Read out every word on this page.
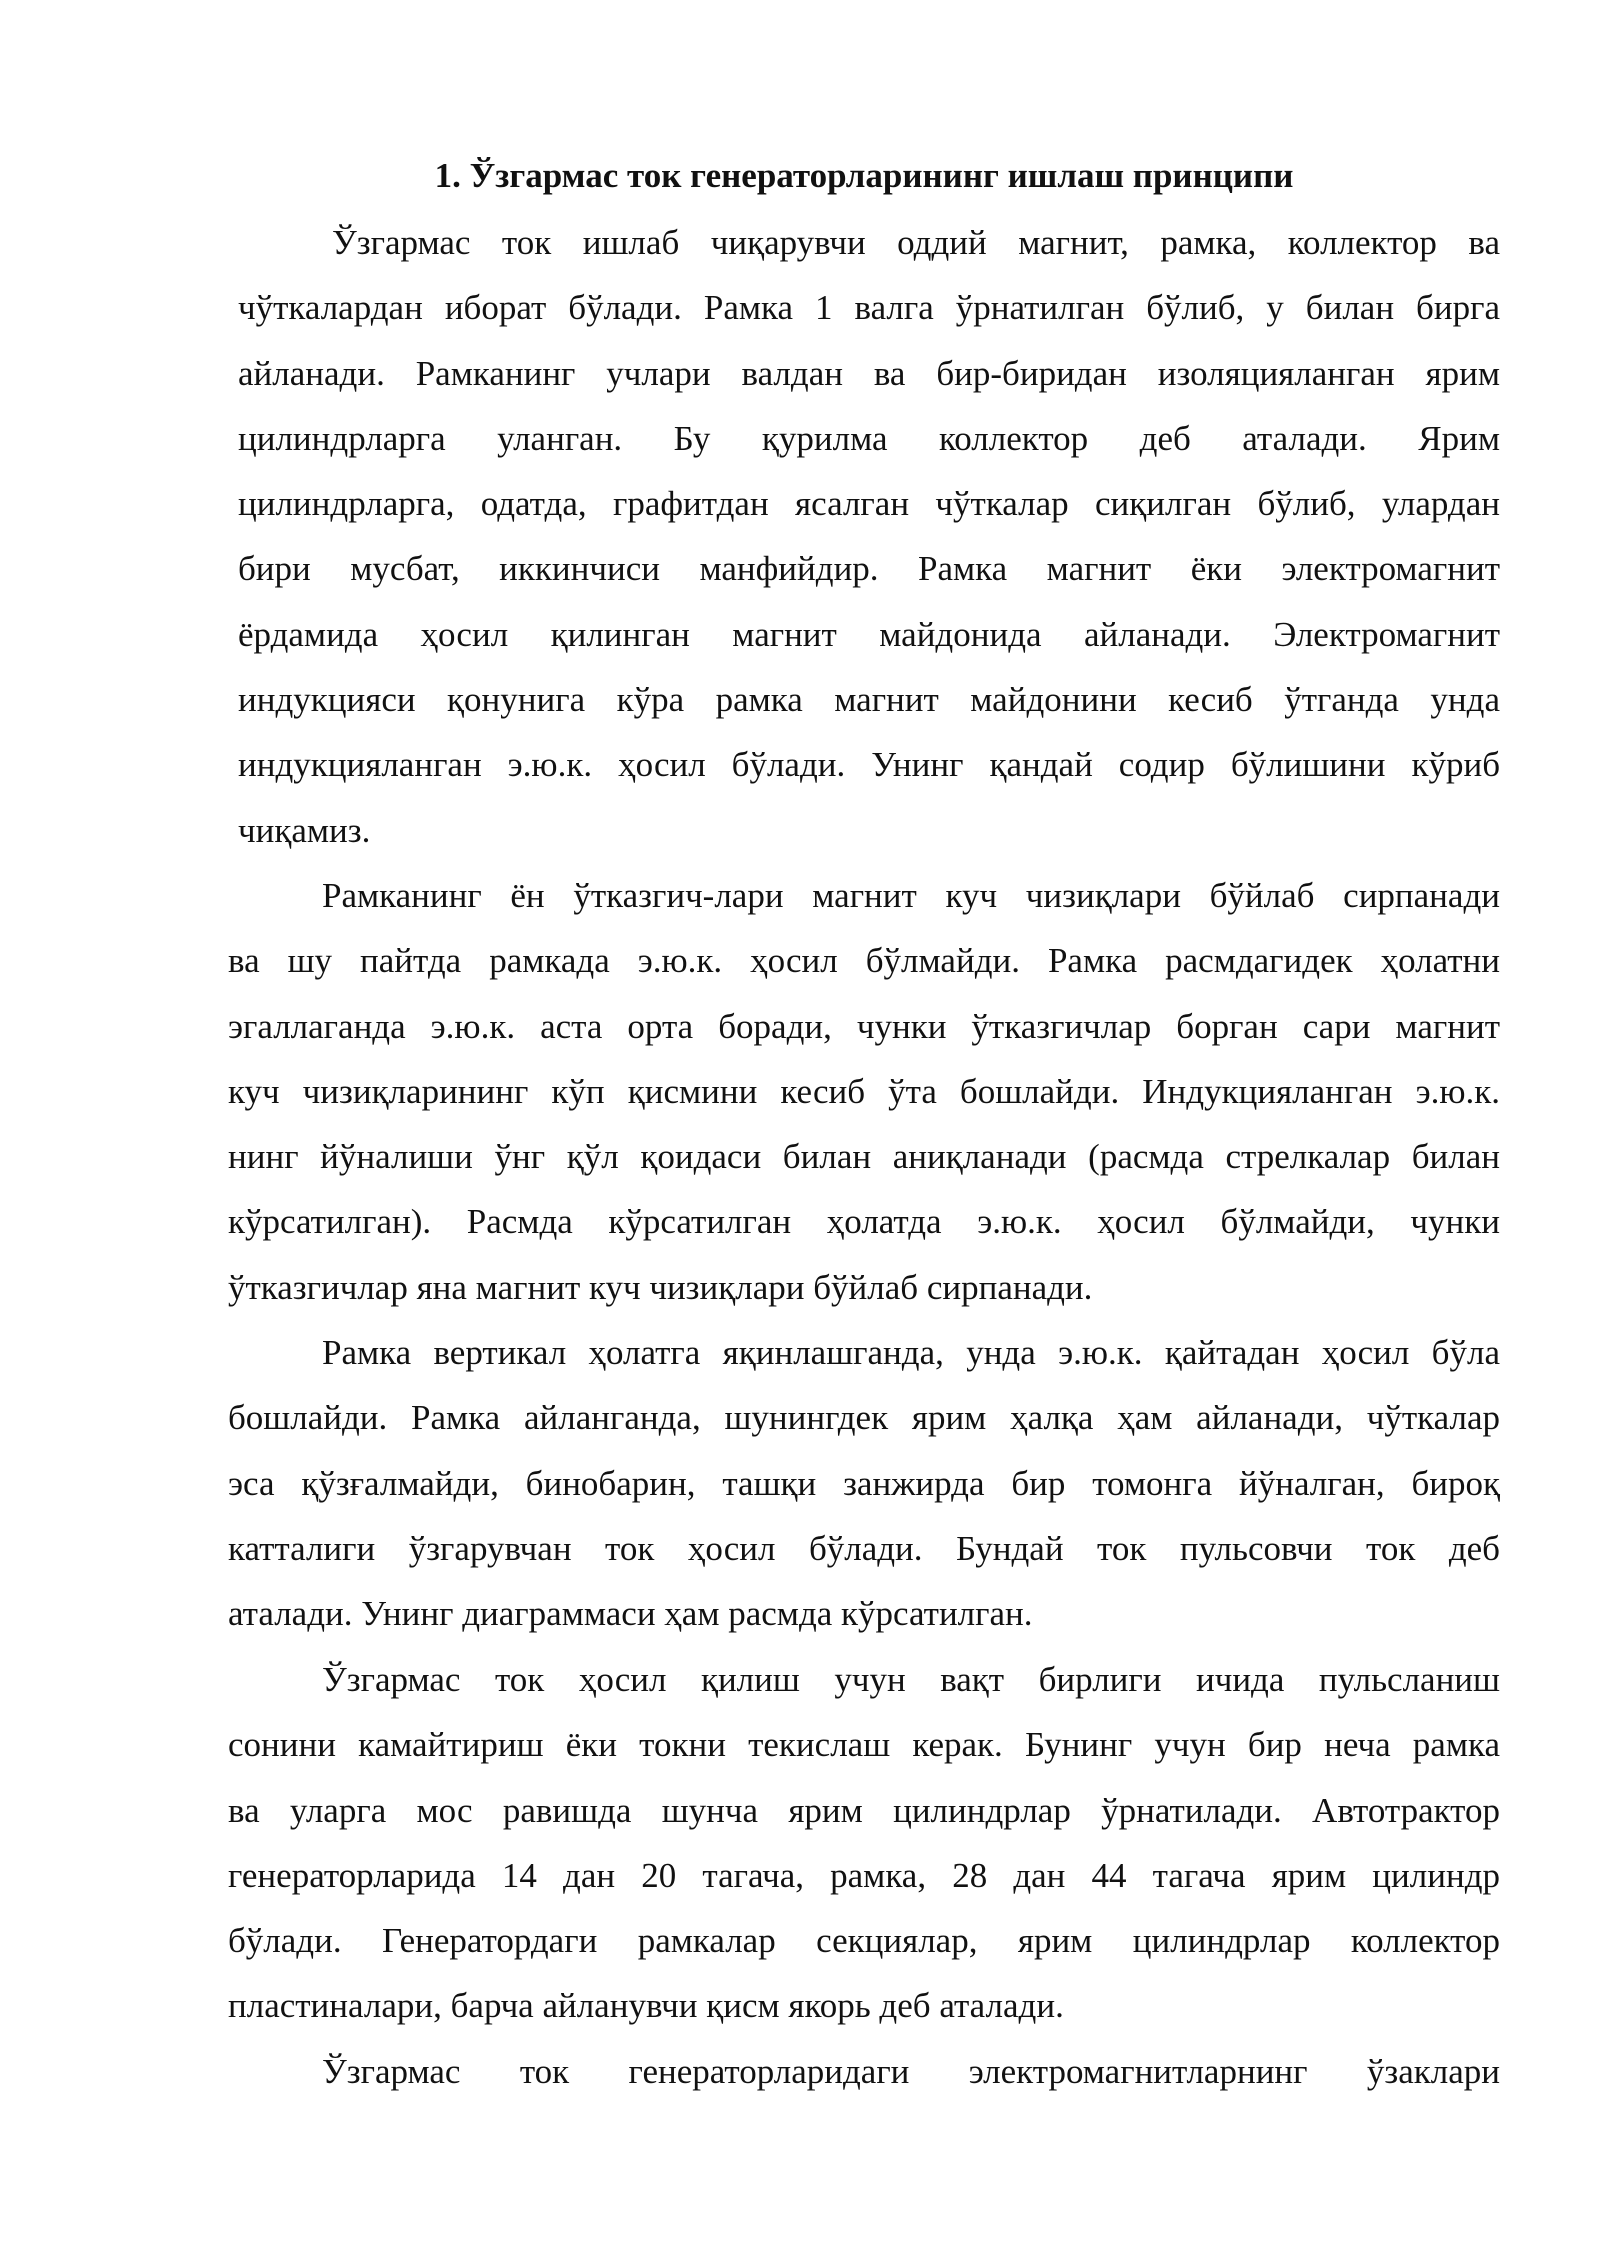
1. Ўзгармас ток генераторларининг ишлаш принципи
Ўзгармас ток ишлаб чиқарувчи оддий магнит, рамка, коллектор ва
чўткалардан иборат бўлади. Рамка 1 валга ўрнатилган бўлиб, у билан бирга
айланади. Рамканинг учлари валдан ва бир-биридан изоляцияланган ярим
цилиндрларга уланган. Бу қурилма коллектор деб аталади. Ярим
цилиндрларга, одатда, графитдан ясалган чўткалар сиқилган бўлиб, улардан
бири мусбат, иккинчиси манфийдир. Рамка магнит ёки электромагнит
ёрдамида ҳосил қилинган магнит майдонида айланади. Электромагнит
индукцияси қонунига кўра рамка магнит майдонини кесиб ўтганда унда
индукцияланган э.ю.к. ҳосил бўлади. Унинг қандай содир бўлишини кўриб
чиқамиз.
Рамканинг ён ўтказгич-лари магнит куч чизиқлари бўйлаб сирпанади
ва шу пайтда рамкада э.ю.к. ҳосил бўлмайди. Рамка расмдагидек ҳолатни
эгаллаганда э.ю.к. аста орта боради, чунки ўтказгичлар борган сари магнит
куч чизиқларининг кўп қисмини кесиб ўта бошлайди. Индукцияланган э.ю.к.
нинг йўналиши ўнг қўл қоидаси билан аниқланади (расмда стрелкалар билан
кўрсатилган). Расмда кўрсатилган ҳолатда э.ю.к. ҳосил бўлмайди, чунки
ўтказгичлар яна магнит куч чизиқлари бўйлаб сирпанади.
Рамка вертикал ҳолатга яқинлашганда, унда э.ю.к. қайтадан ҳосил бўла
бошлайди. Рамка айланганда, шунингдек ярим ҳалқа ҳам айланади, чўткалар
эса қўзғалмайди, бинобарин, ташқи занжирда бир томонга йўналган, бироқ
катталиги ўзгарувчан ток ҳосил бўлади. Бундай ток пульсовчи ток деб
аталади. Унинг диаграммаси ҳам расмда кўрсатилган.
Ўзгармас ток ҳосил қилиш учун вақт бирлиги ичида пульсланиш
сонини камайтириш ёки токни текислаш керак. Бунинг учун бир неча рамка
ва уларга мос равишда шунча ярим цилиндрлар ўрнатилади. Автотрактор
генераторларида 14 дан 20 тагача, рамка, 28 дан 44 тагача ярим цилиндр
бўлади. Генератордаги рамкалар секциялар, ярим цилиндрлар коллектор
пластиналари, барча айланувчи қисм якорь деб аталади.
Ўзгармас ток генераторларидаги электромагнитларнинг ўзаклари
